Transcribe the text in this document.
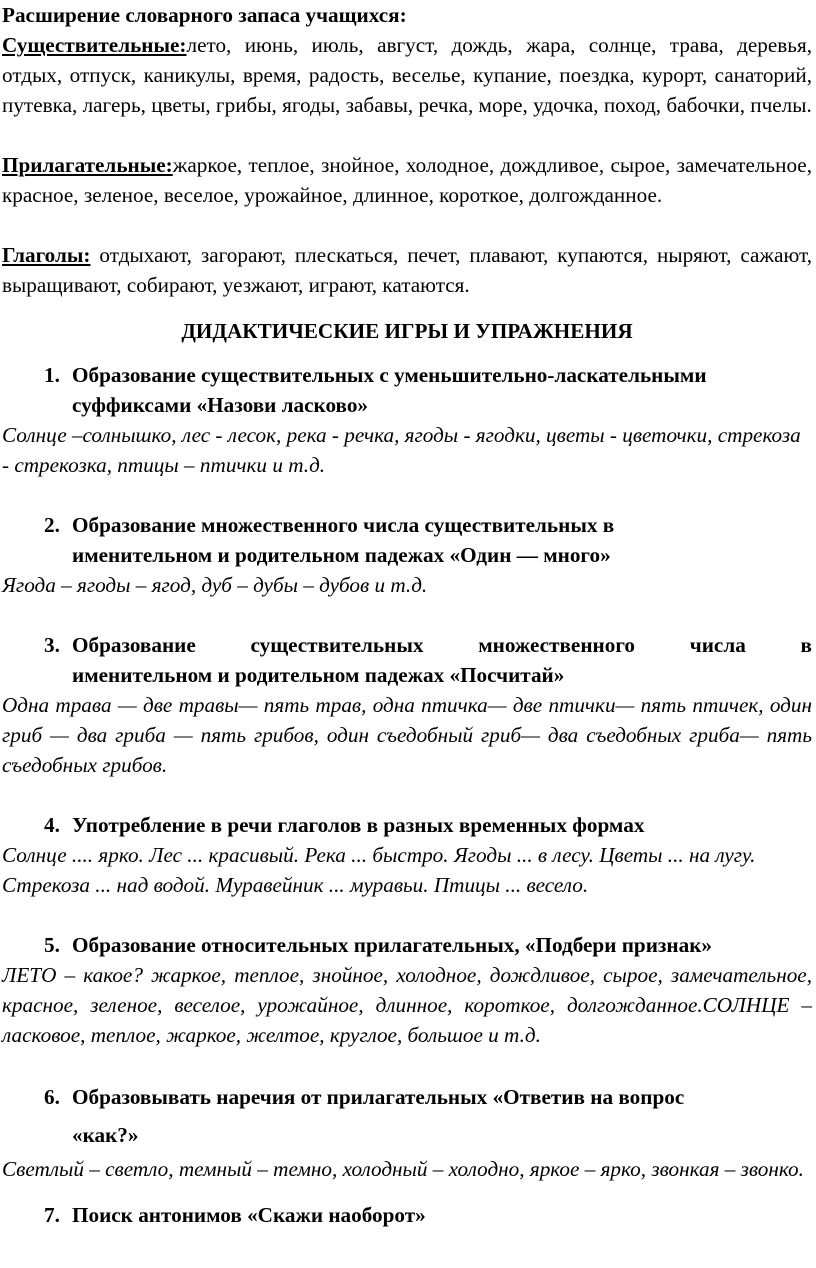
Расширение словарного запаса учащихся:

Существительные:лето, июнь, июль, август, дождь, жара, солнце, трава, деревья, отдых, отпуск, каникулы, время, радость, веселье, купание, поездка, курорт, санаторий, путевка, лагерь, цветы, грибы, ягоды, забавы, речка, море, удочка, поход, бабочки, пчелы.

Прилагательные:жаркое, теплое, знойное, холодное, дождливое, сырое, замечательное, красное, зеленое, веселое, урожайное, длинное, короткое, долгожданное.

Глаголы: отдыхают, загорают, плескаться, печет, плавают, купаются, ныряют, сажают, выращивают, собирают, уезжают, играют, катаются.

ДИДАКТИЧЕСКИЕ ИГРЫ И УПРАЖНЕНИЯ
1. Образование существительных с уменьшительно-ласкательными
суффиксами «Назови ласково»

Солнце –солнышко, лес - лесок, река - речка, ягоды - ягодки, цветы - цветочки, стрекоза - стрекозка, птицы – птички и т.д.

2. Образование множественного числа существительных в
именительном и родительном падежах «Один — много»

Ягода – ягоды – ягод, дуб – дубы – дубов и т.д.

3. Образование существительных множественного числа в
именительном и родительном падежах «Посчитай»

Одна трава — две травы— пять трав, одна птичка— две птички— пять птичек, один гриб — два гриба — пять грибов, один съедобный гриб— два съедобных гриба— пять съедобных грибов.

4. Употребление в речи глаголов в разных временных формах

Солнце .... ярко. Лес ... красивый. Река ... быстро. Ягоды ... в лесу. Цветы ... на лугу. Стрекоза ... над водой. Муравейник ... муравьи. Птицы ... весело.

5. Образование относительных прилагательных, «Подбери признак»

ЛЕТО – какое? жаркое, теплое, знойное, холодное, дождливое, сырое, замечательное, красное, зеленое, веселое, урожайное, длинное, короткое, долгожданное.СОЛНЦЕ – ласковое, теплое, жаркое, желтое, круглое, большое и т.д.

6. Образовывать наречия от прилагательных «Ответив на вопрос
«как?»

Светлый – светло, темный – темно, холодный – холодно, яркое – ярко, звонкая – звонко.

7. Поиск антонимов «Скажи наоборот»
